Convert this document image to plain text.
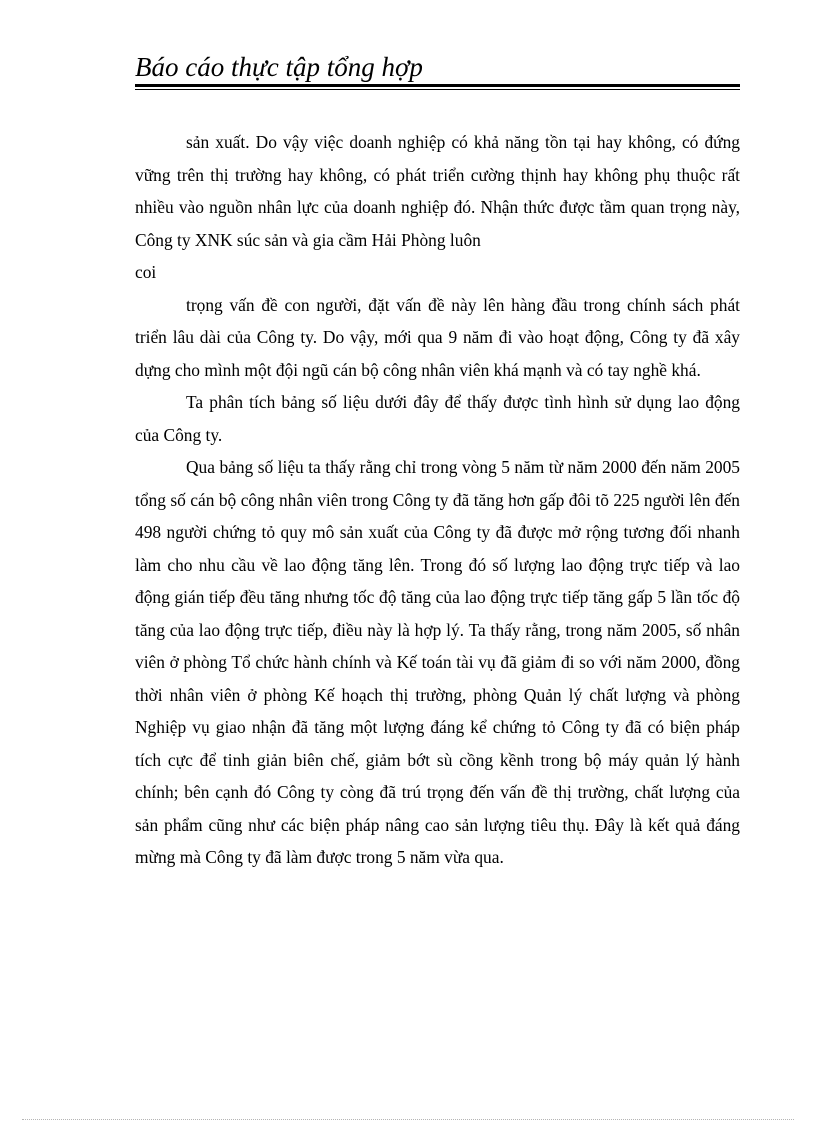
Báo cáo thực tập tổng hợp

sản xuất. Do vậy việc doanh nghiệp có khả năng tồn tại hay không, có đứng vững trên thị trường hay không, có phát triển cường thịnh hay không phụ thuộc rất nhiều vào nguồn nhân lực của doanh nghiệp đó. Nhận thức được tầm quan trọng này, Công ty XNK súc sản và gia cầm Hải Phòng luôn

coi

trọng vấn đề con người, đặt vấn đề này lên hàng đầu trong chính sách phát triển lâu dài của Công ty. Do vậy, mới qua 9 năm đi vào hoạt động, Công ty đã xây dựng cho mình một đội ngũ cán bộ công nhân viên khá mạnh và có tay nghề khá.

Ta phân tích bảng số liệu dưới đây để thấy được tình hình sử dụng lao động của Công ty.

Qua bảng số liệu ta thấy rằng chỉ trong vòng 5 năm từ năm 2000 đến năm 2005 tổng số cán bộ công nhân viên trong Công ty đã tăng hơn gấp đôi tõ 225 người lên đến 498 người chứng tỏ quy mô sản xuất của Công ty đã được mở rộng tương đối nhanh làm cho nhu cầu về lao động tăng lên. Trong đó số lượng lao động trực tiếp và lao động gián tiếp đều tăng nhưng tốc độ tăng của lao động trực tiếp tăng gấp 5 lần tốc độ tăng của lao động trực tiếp, điều này là hợp lý. Ta thấy rằng, trong năm 2005, số nhân viên ở phòng Tổ chức hành chính và Kế toán tài vụ đã giảm đi so với năm 2000, đồng thời nhân viên ở phòng Kế hoạch thị trường, phòng Quản lý chất lượng và phòng Nghiệp vụ giao nhận đã tăng một lượng đáng kể chứng tỏ Công ty đã có biện pháp tích cực để tinh giản biên chế, giảm bớt sù cồng kềnh trong bộ máy quản lý hành chính; bên cạnh đó Công ty còng đã trú trọng đến vấn đề thị trường, chất lượng của sản phẩm cũng như các biện pháp nâng cao sản lượng tiêu thụ. Đây là kết quả đáng mừng mà Công ty đã làm được trong 5 năm vừa qua.
